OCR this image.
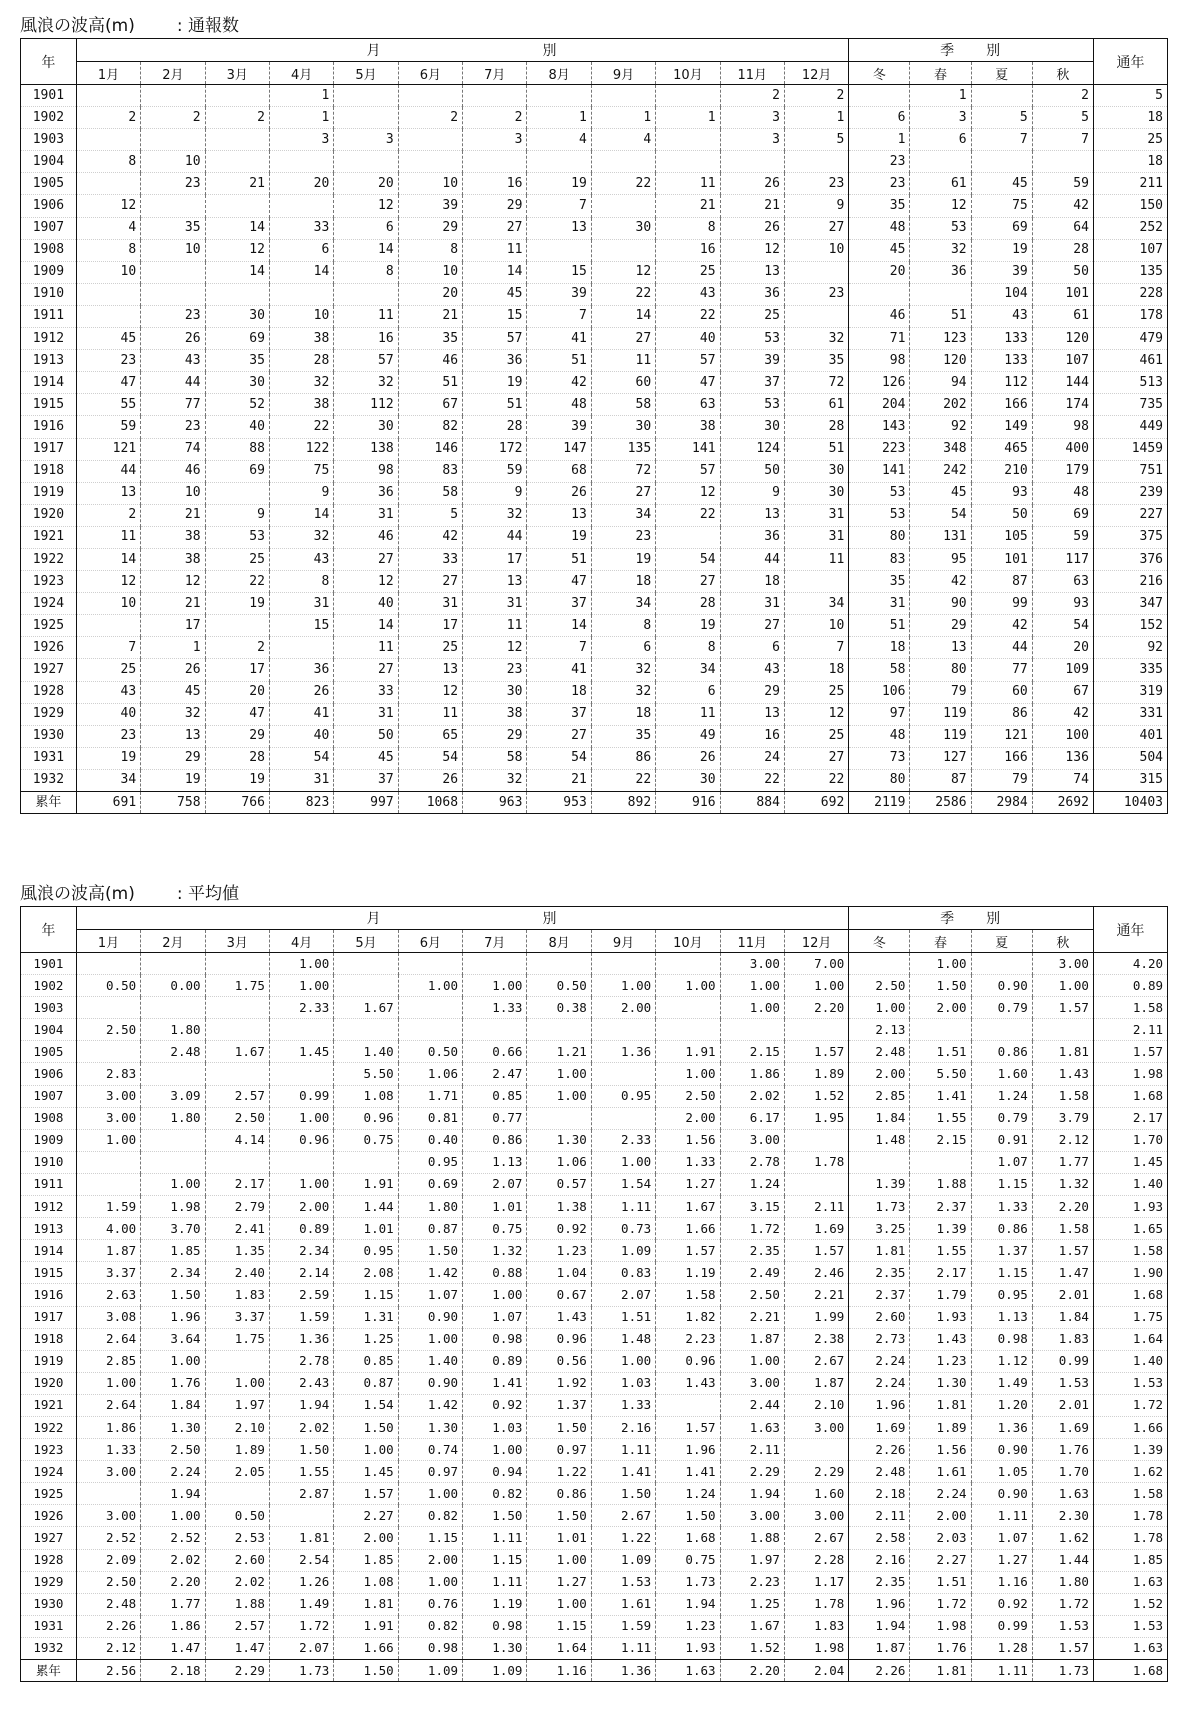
風浪の波高(m) : 通報数
年	月 別												季 別				通年
	1月	2月	3月	4月	5月	6月	7月	8月	9月	10月	11月	12月	冬	春	夏	秋	
1901				1							2	2		1		2	5
1902	2	2	2	1		2	2	1	1	1	3	1	6	3	5	5	18
1903				3	3		3	4	4		3	5	1	6	7	7	25
1904	8	10											23				18
1905		23	21	20	20	10	16	19	22	11	26	23	23	61	45	59	211
1906	12				12	39	29	7		21	21	9	35	12	75	42	150
1907	4	35	14	33	6	29	27	13	30	8	26	27	48	53	69	64	252
1908	8	10	12	6	14	8	11			16	12	10	45	32	19	28	107
1909	10		14	14	8	10	14	15	12	25	13		20	36	39	50	135
1910						20	45	39	22	43	36	23			104	101	228
1911		23	30	10	11	21	15	7	14	22	25		46	51	43	61	178
1912	45	26	69	38	16	35	57	41	27	40	53	32	71	123	133	120	479
1913	23	43	35	28	57	46	36	51	11	57	39	35	98	120	133	107	461
1914	47	44	30	32	32	51	19	42	60	47	37	72	126	94	112	144	513
1915	55	77	52	38	112	67	51	48	58	63	53	61	204	202	166	174	735
1916	59	23	40	22	30	82	28	39	30	38	30	28	143	92	149	98	449
1917	121	74	88	122	138	146	172	147	135	141	124	51	223	348	465	400	1459
1918	44	46	69	75	98	83	59	68	72	57	50	30	141	242	210	179	751
1919	13	10		9	36	58	9	26	27	12	9	30	53	45	93	48	239
1920	2	21	9	14	31	5	32	13	34	22	13	31	53	54	50	69	227
1921	11	38	53	32	46	42	44	19	23		36	31	80	131	105	59	375
1922	14	38	25	43	27	33	17	51	19	54	44	11	83	95	101	117	376
1923	12	12	22	8	12	27	13	47	18	27	18		35	42	87	63	216
1924	10	21	19	31	40	31	31	37	34	28	31	34	31	90	99	93	347
1925		17		15	14	17	11	14	8	19	27	10	51	29	42	54	152
1926	7	1	2		11	25	12	7	6	8	6	7	18	13	44	20	92
1927	25	26	17	36	27	13	23	41	32	34	43	18	58	80	77	109	335
1928	43	45	20	26	33	12	30	18	32	6	29	25	106	79	60	67	319
1929	40	32	47	41	31	11	38	37	18	11	13	12	97	119	86	42	331
1930	23	13	29	40	50	65	29	27	35	49	16	25	48	119	121	100	401
1931	19	29	28	54	45	54	58	54	86	26	24	27	73	127	166	136	504
1932	34	19	19	31	37	26	32	21	22	30	22	22	80	87	79	74	315
累年	691	758	766	823	997	1068	963	953	892	916	884	692	2119	2586	2984	2692	10403
風浪の波高(m) : 平均値
年	月 別												季 別				通年
	1月	2月	3月	4月	5月	6月	7月	8月	9月	10月	11月	12月	冬	春	夏	秋	
1901				1.00							3.00	7.00		1.00		3.00	4.20
1902	0.50	0.00	1.75	1.00		1.00	1.00	0.50	1.00	1.00	1.00	1.00	2.50	1.50	0.90	1.00	0.89
1903				2.33	1.67		1.33	0.38	2.00		1.00	2.20	1.00	2.00	0.79	1.57	1.58
1904	2.50	1.80											2.13				2.11
1905		2.48	1.67	1.45	1.40	0.50	0.66	1.21	1.36	1.91	2.15	1.57	2.48	1.51	0.86	1.81	1.57
1906	2.83				5.50	1.06	2.47	1.00		1.00	1.86	1.89	2.00	5.50	1.60	1.43	1.98
1907	3.00	3.09	2.57	0.99	1.08	1.71	0.85	1.00	0.95	2.50	2.02	1.52	2.85	1.41	1.24	1.58	1.68
1908	3.00	1.80	2.50	1.00	0.96	0.81	0.77			2.00	6.17	1.95	1.84	1.55	0.79	3.79	2.17
1909	1.00		4.14	0.96	0.75	0.40	0.86	1.30	2.33	1.56	3.00		1.48	2.15	0.91	2.12	1.70
1910						0.95	1.13	1.06	1.00	1.33	2.78	1.78			1.07	1.77	1.45
1911		1.00	2.17	1.00	1.91	0.69	2.07	0.57	1.54	1.27	1.24		1.39	1.88	1.15	1.32	1.40
1912	1.59	1.98	2.79	2.00	1.44	1.80	1.01	1.38	1.11	1.67	3.15	2.11	1.73	2.37	1.33	2.20	1.93
1913	4.00	3.70	2.41	0.89	1.01	0.87	0.75	0.92	0.73	1.66	1.72	1.69	3.25	1.39	0.86	1.58	1.65
1914	1.87	1.85	1.35	2.34	0.95	1.50	1.32	1.23	1.09	1.57	2.35	1.57	1.81	1.55	1.37	1.57	1.58
1915	3.37	2.34	2.40	2.14	2.08	1.42	0.88	1.04	0.83	1.19	2.49	2.46	2.35	2.17	1.15	1.47	1.90
1916	2.63	1.50	1.83	2.59	1.15	1.07	1.00	0.67	2.07	1.58	2.50	2.21	2.37	1.79	0.95	2.01	1.68
1917	3.08	1.96	3.37	1.59	1.31	0.90	1.07	1.43	1.51	1.82	2.21	1.99	2.60	1.93	1.13	1.84	1.75
1918	2.64	3.64	1.75	1.36	1.25	1.00	0.98	0.96	1.48	2.23	1.87	2.38	2.73	1.43	0.98	1.83	1.64
1919	2.85	1.00		2.78	0.85	1.40	0.89	0.56	1.00	0.96	1.00	2.67	2.24	1.23	1.12	0.99	1.40
1920	1.00	1.76	1.00	2.43	0.87	0.90	1.41	1.92	1.03	1.43	3.00	1.87	2.24	1.30	1.49	1.53	1.53
1921	2.64	1.84	1.97	1.94	1.54	1.42	0.92	1.37	1.33		2.44	2.10	1.96	1.81	1.20	2.01	1.72
1922	1.86	1.30	2.10	2.02	1.50	1.30	1.03	1.50	2.16	1.57	1.63	3.00	1.69	1.89	1.36	1.69	1.66
1923	1.33	2.50	1.89	1.50	1.00	0.74	1.00	0.97	1.11	1.96	2.11		2.26	1.56	0.90	1.76	1.39
1924	3.00	2.24	2.05	1.55	1.45	0.97	0.94	1.22	1.41	1.41	2.29	2.29	2.48	1.61	1.05	1.70	1.62
1925		1.94		2.87	1.57	1.00	0.82	0.86	1.50	1.24	1.94	1.60	2.18	2.24	0.90	1.63	1.58
1926	3.00	1.00	0.50		2.27	0.82	1.50	1.50	2.67	1.50	3.00	3.00	2.11	2.00	1.11	2.30	1.78
1927	2.52	2.52	2.53	1.81	2.00	1.15	1.11	1.01	1.22	1.68	1.88	2.67	2.58	2.03	1.07	1.62	1.78
1928	2.09	2.02	2.60	2.54	1.85	2.00	1.15	1.00	1.09	0.75	1.97	2.28	2.16	2.27	1.27	1.44	1.85
1929	2.50	2.20	2.02	1.26	1.08	1.00	1.11	1.27	1.53	1.73	2.23	1.17	2.35	1.51	1.16	1.80	1.63
1930	2.48	1.77	1.88	1.49	1.81	0.76	1.19	1.00	1.61	1.94	1.25	1.78	1.96	1.72	0.92	1.72	1.52
1931	2.26	1.86	2.57	1.72	1.91	0.82	0.98	1.15	1.59	1.23	1.67	1.83	1.94	1.98	0.99	1.53	1.53
1932	2.12	1.47	1.47	2.07	1.66	0.98	1.30	1.64	1.11	1.93	1.52	1.98	1.87	1.76	1.28	1.57	1.63
累年	2.56	2.18	2.29	1.73	1.50	1.09	1.09	1.16	1.36	1.63	2.20	2.04	2.26	1.81	1.11	1.73	1.68
